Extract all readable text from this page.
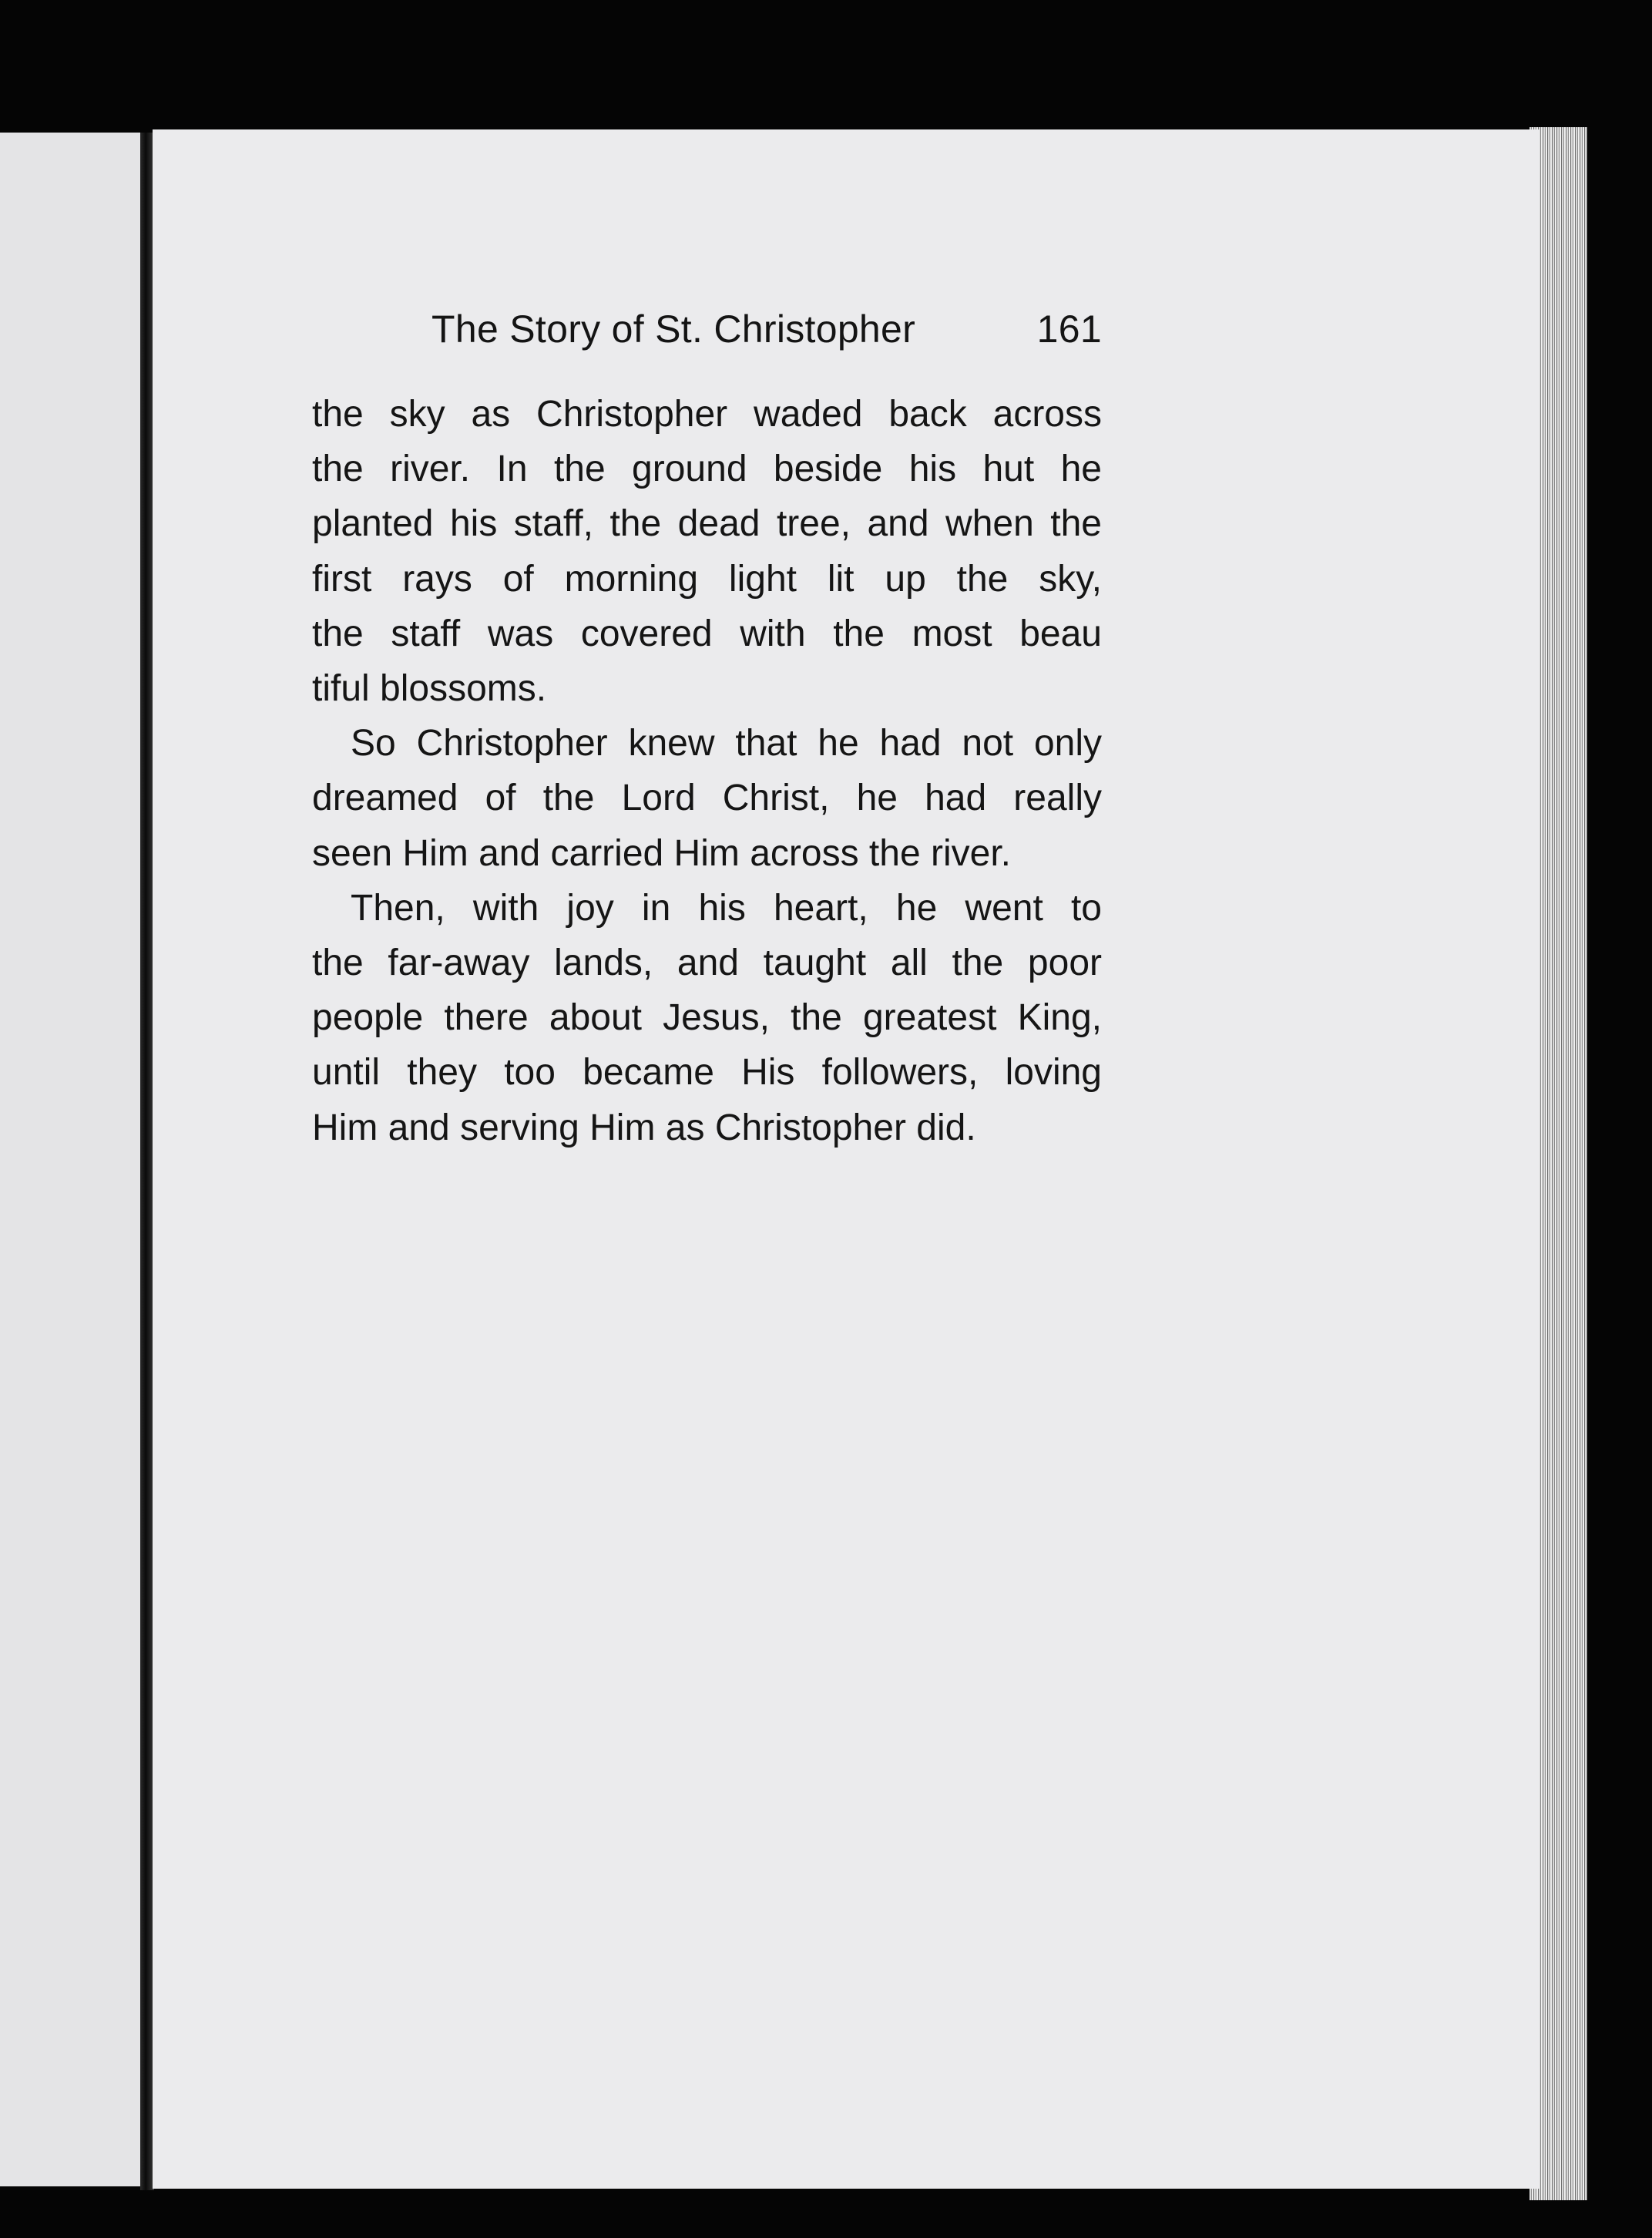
The Story of St. Christopher	161

the sky as Christopher waded back across
the river. In the ground beside his hut he
planted his staff, the dead tree, and when the
first rays of morning light lit up the sky,
the staff was covered with the most beau
tiful blossoms.

So Christopher knew that he had not only
dreamed of the Lord Christ, he had really
seen Him and carried Him across the river.

Then, with joy in his heart, he went to
the far-away lands, and taught all the poor
people there about Jesus, the greatest King,
until they too became His followers, loving
Him and serving Him as Christopher did.
